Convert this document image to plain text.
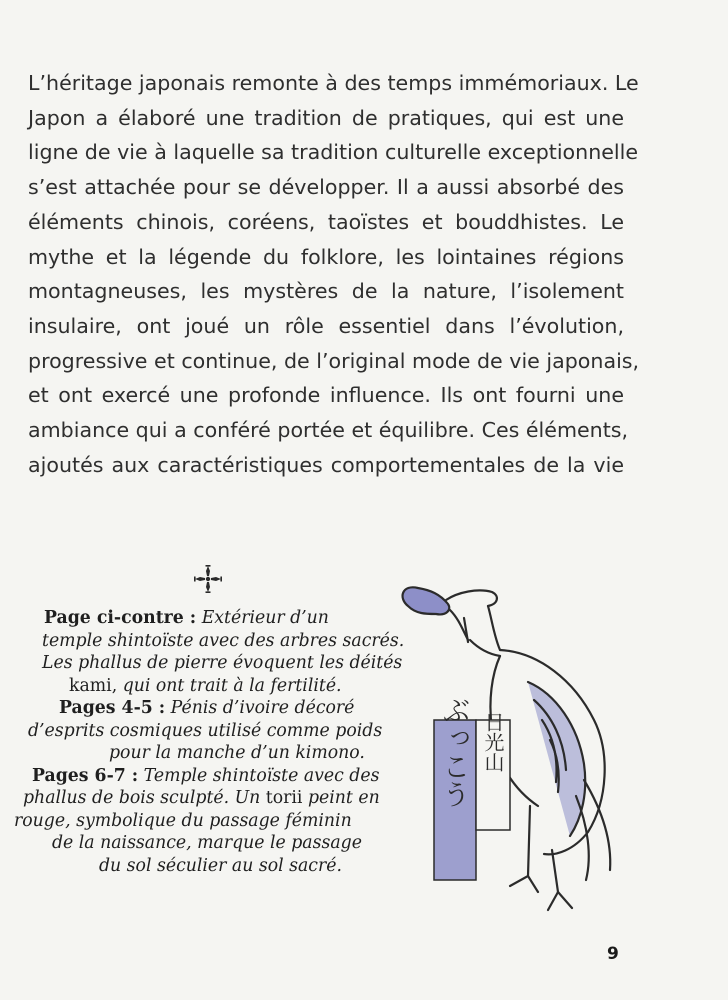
L’héritage japonais remonte à des temps immémoriaux. Le
Japon a élaboré une tradition de pratiques, qui est une
ligne de vie à laquelle sa tradition culturelle exceptionnelle
s’est attachée pour se développer. Il a aussi absorbé des
éléments chinois, coréens, taoïstes et bouddhistes. Le
mythe et la légende du folklore, les lointaines régions
montagneuses, les mystères de la nature, l’isolement
insulaire, ont joué un rôle essentiel dans l’évolution,
progressive et continue, de l’original mode de vie japonais,
et ont exercé une profonde influence. Ils ont fourni une
ambiance qui a conféré portée et équilibre. Ces éléments,
ajoutés aux caractéristiques comportementales de la vie
Page ci-contre : Extérieur d’un
temple shintoïste avec des arbres sacrés.
Les phallus de pierre évoquent les déités
kami, qui ont trait à la fertilité.
Pages 4-5 : Pénis d’ivoire décoré
d’esprits cosmiques utilisé comme poids
pour la manche d’un kimono.
Pages 6-7 : Temple shintoïste avec des
phallus de bois sculpté. Un torii peint en
rouge, symbolique du passage féminin
de la naissance, marque le passage
du sol séculier au sol sacré.
ぶっこう 日光山
9
